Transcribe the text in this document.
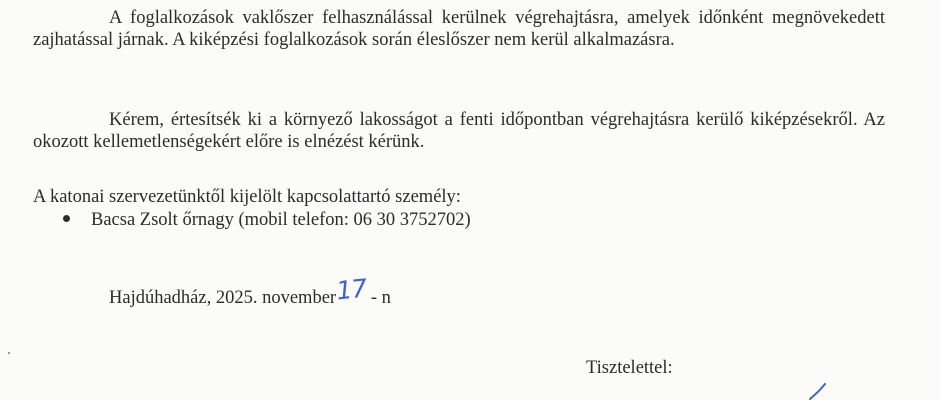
A foglalkozások vaklőszer felhasználással kerülnek végrehajtásra, amelyek időnként megnövekedett zajhatással járnak. A kiképzési foglalkozások során éleslőszer nem kerül alkalmazásra.

Kérem, értesítsék ki a környező lakosságot a fenti időpontban végrehajtásra kerülő kiképzésekről. Az okozott kellemetlenségekért előre is elnézést kérünk.

A katonai szervezetünktől kijelölt kapcsolattartó személy:

Bacsa Zsolt őrnagy (mobil telefon: 06 30 3752702)
Hajdúhadház, 2025. november17 - n
Tisztelettel:
